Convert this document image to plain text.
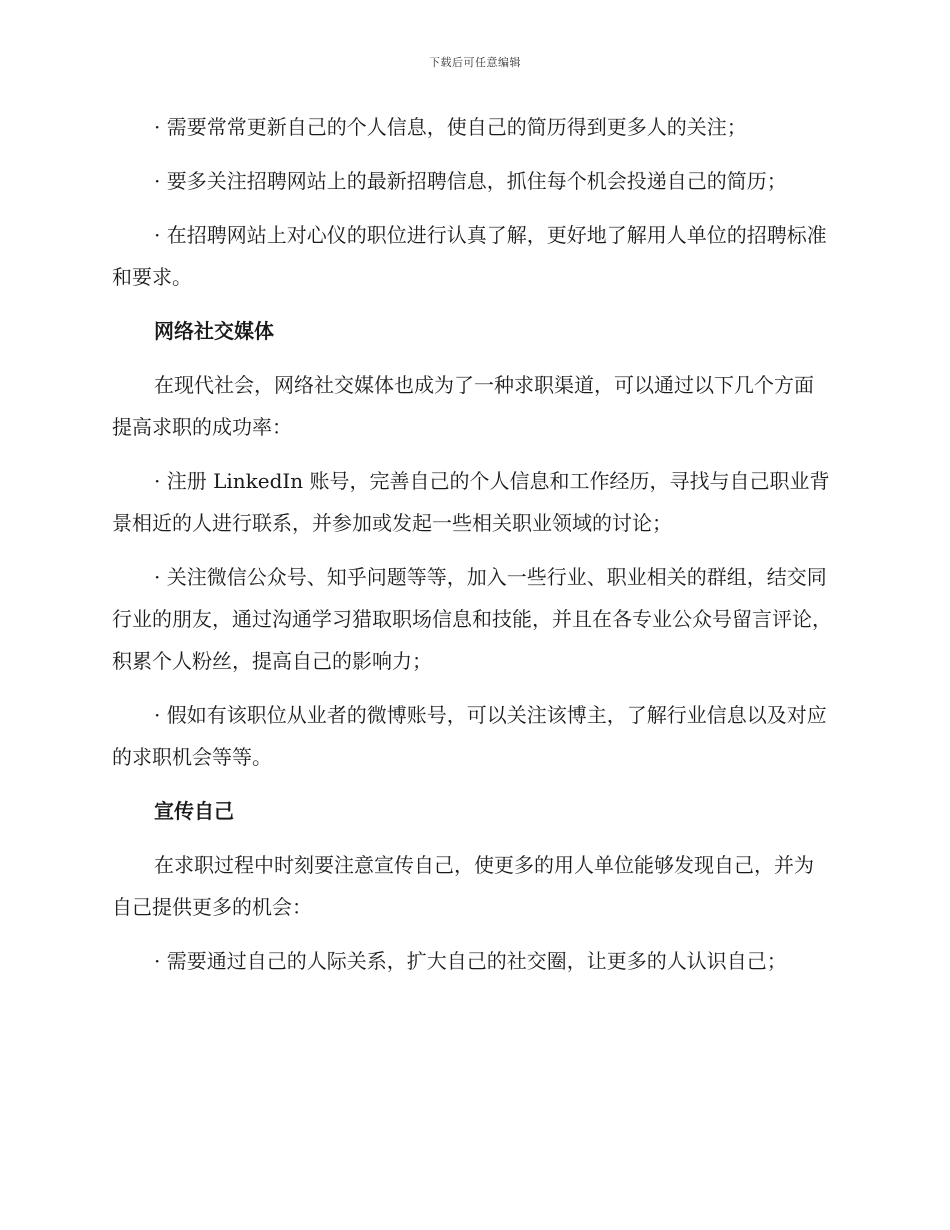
下载后可任意编辑

· 需要常常更新自己的个人信息，使自己的简历得到更多人的关注；

· 要多关注招聘网站上的最新招聘信息，抓住每个机会投递自己的简历；

· 在招聘网站上对心仪的职位进行认真了解，更好地了解用人单位的招聘标准和要求。

网络社交媒体

在现代社会，网络社交媒体也成为了一种求职渠道，可以通过以下几个方面提高求职的成功率：

· 注册 LinkedIn 账号，完善自己的个人信息和工作经历，寻找与自己职业背景相近的人进行联系，并参加或发起一些相关职业领域的讨论；

· 关注微信公众号、知乎问题等等，加入一些行业、职业相关的群组，结交同行业的朋友，通过沟通学习猎取职场信息和技能，并且在各专业公众号留言评论，积累个人粉丝，提高自己的影响力；

· 假如有该职位从业者的微博账号，可以关注该博主，了解行业信息以及对应的求职机会等等。

宣传自己

在求职过程中时刻要注意宣传自己，使更多的用人单位能够发现自己，并为自己提供更多的机会：

· 需要通过自己的人际关系，扩大自己的社交圈，让更多的人认识自己；
